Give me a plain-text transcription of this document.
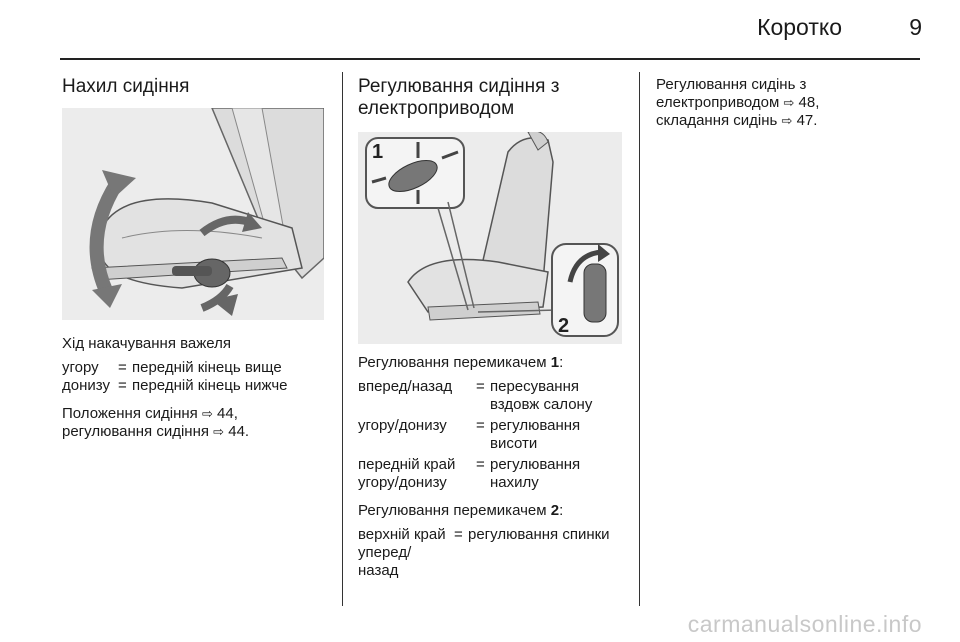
Коротко	9
Нахил сидіння

Хід накачування важеля

угору	= передній кінець вище
донизу = передній кінець нижче

Положення сидіння ⇨ 44,
регулювання сидіння ⇨ 44.

Регулювання сидіння з
електроприводом
1
2

Регулювання перемикачем 1:

вперед/назад	= пересування вздовж салону
угору/донизу	= регулювання висоти
передній край угору/донизу
= регулювання нахилу

Регулювання перемикачем 2:

верхній край уперед/ назад
= регулювання спинки

Регулювання сидінь з
електроприводом ⇨ 48,
складання сидінь ⇨ 47.

carmanualsonline.info
